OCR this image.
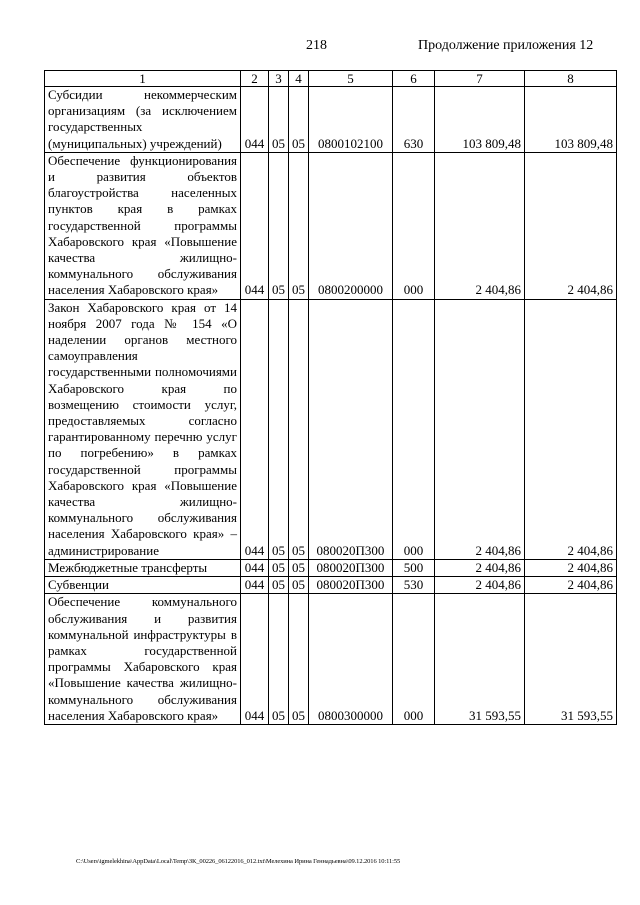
218	Продолжение приложения 12
1	2	3	4	5	6	7	8
Субсидии некоммерческим организациям (за исключением государственных (муниципальных) учреждений)	044	05	05	0800102100	630	103 809,48	103 809,48
Обеспечение функционирования и развития объектов благоустройства населенных пунктов края в рамках государственной программы Хабаровского края «Повышение качества жилищно-коммунального обслуживания населения Хабаровского края»	044	05	05	0800200000	000	2 404,86	2 404,86
Закон Хабаровского края от 14 ноября 2007 года № 154 «О наделении органов местного самоуправления государственными полномочиями Хабаровского края по возмещению стоимости услуг, предоставляемых согласно гарантированному перечню услуг по погребению» в рамках государственной программы Хабаровского края «Повышение качества жилищно-коммунального обслуживания населения Хабаровского края» – администрирование	044	05	05	080020П300	000	2 404,86	2 404,86
Межбюджетные трансферты	044	05	05	080020П300	500	2 404,86	2 404,86
Субвенции	044	05	05	080020П300	530	2 404,86	2 404,86
Обеспечение коммунального обслуживания и развития коммунальной инфраструктуры в рамках государственной программы Хабаровского края «Повышение качества жилищно-коммунального обслуживания населения Хабаровского края»	044	05	05	0800300000	000	31 593,55	31 593,55
C:\Users\igmelekhina\AppData\Local\Temp\ЗК_00226_06122016_012.txt\Мелехина Ирина Геннадьевна\09.12.2016 10:11:55
